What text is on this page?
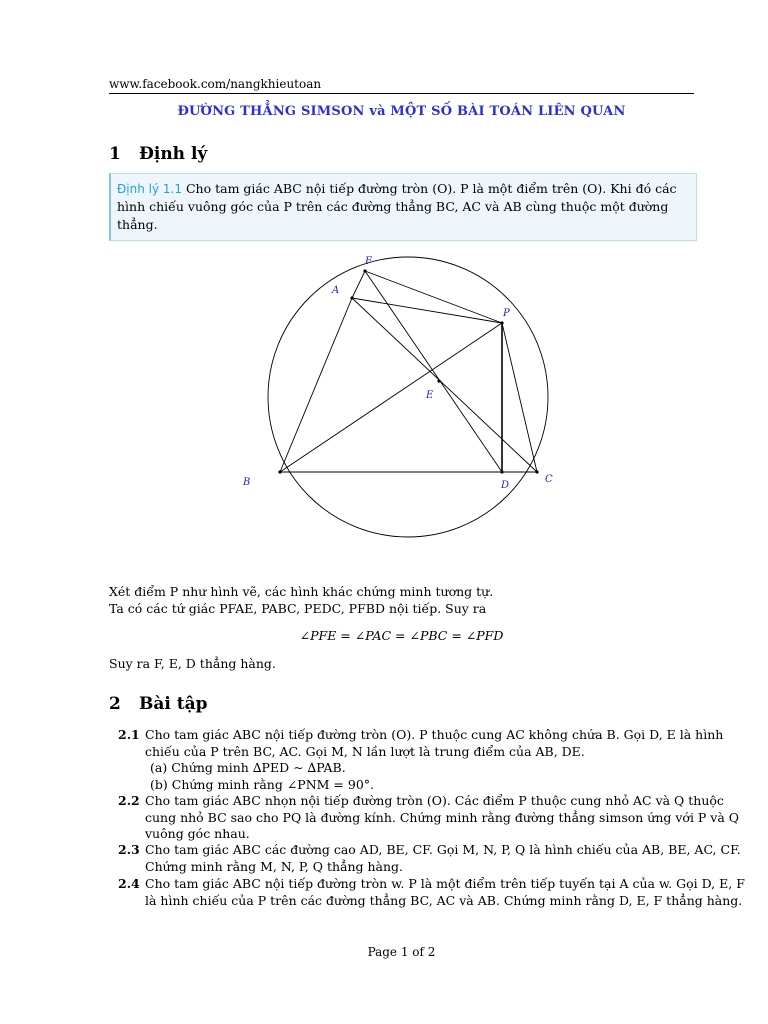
www.facebook.com/nangkhieutoan
ĐƯỜNG THẲNG SIMSON và MỘT SỐ BÀI TOÁN LIÊN QUAN
1 Định lý
Định lý 1.1 Cho tam giác ABC nội tiếp đường tròn (O). P là một điểm trên (O). Khi đó các hình chiếu vuông góc của P trên các đường thẳng BC, AC và AB cùng thuộc một đường thẳng.
F
A
P
E
B	D
C
Xét điểm P như hình vẽ, các hình khác chứng minh tương tự.
Ta có các tứ giác PFAE, PABC, PEDC, PFBD nội tiếp. Suy ra
∠PFE = ∠PAC = ∠PBC = ∠PFD
Suy ra F, E, D thẳng hàng.
2 Bài tập
2.1 Cho tam giác ABC nội tiếp đường tròn (O). P thuộc cung AC không chứa B. Gọi D, E là hình chiếu của P trên BC, AC. Gọi M, N lần lượt là trung điểm của AB, DE.
(a) Chứng minh ∆PED ∼ ∆PAB.
(b) Chứng minh rằng ∠PNM = 90°.
2.2 Cho tam giác ABC nhọn nội tiếp đường tròn (O). Các điểm P thuộc cung nhỏ AC và Q thuộc cung nhỏ BC sao cho PQ là đường kính. Chứng minh rằng đường thẳng simson ứng với P và Q vuông góc nhau.
2.3 Cho tam giác ABC các đường cao AD, BE, CF. Gọi M, N, P, Q là hình chiếu của AB, BE, AC, CF. Chứng minh rằng M, N, P, Q thẳng hàng.
2.4 Cho tam giác ABC nội tiếp đường tròn w. P là một điểm trên tiếp tuyến tại A của w. Gọi D, E, F là hình chiếu của P trên các đường thẳng BC, AC và AB. Chứng minh rằng D, E, F thẳng hàng.
Page 1 of 2
